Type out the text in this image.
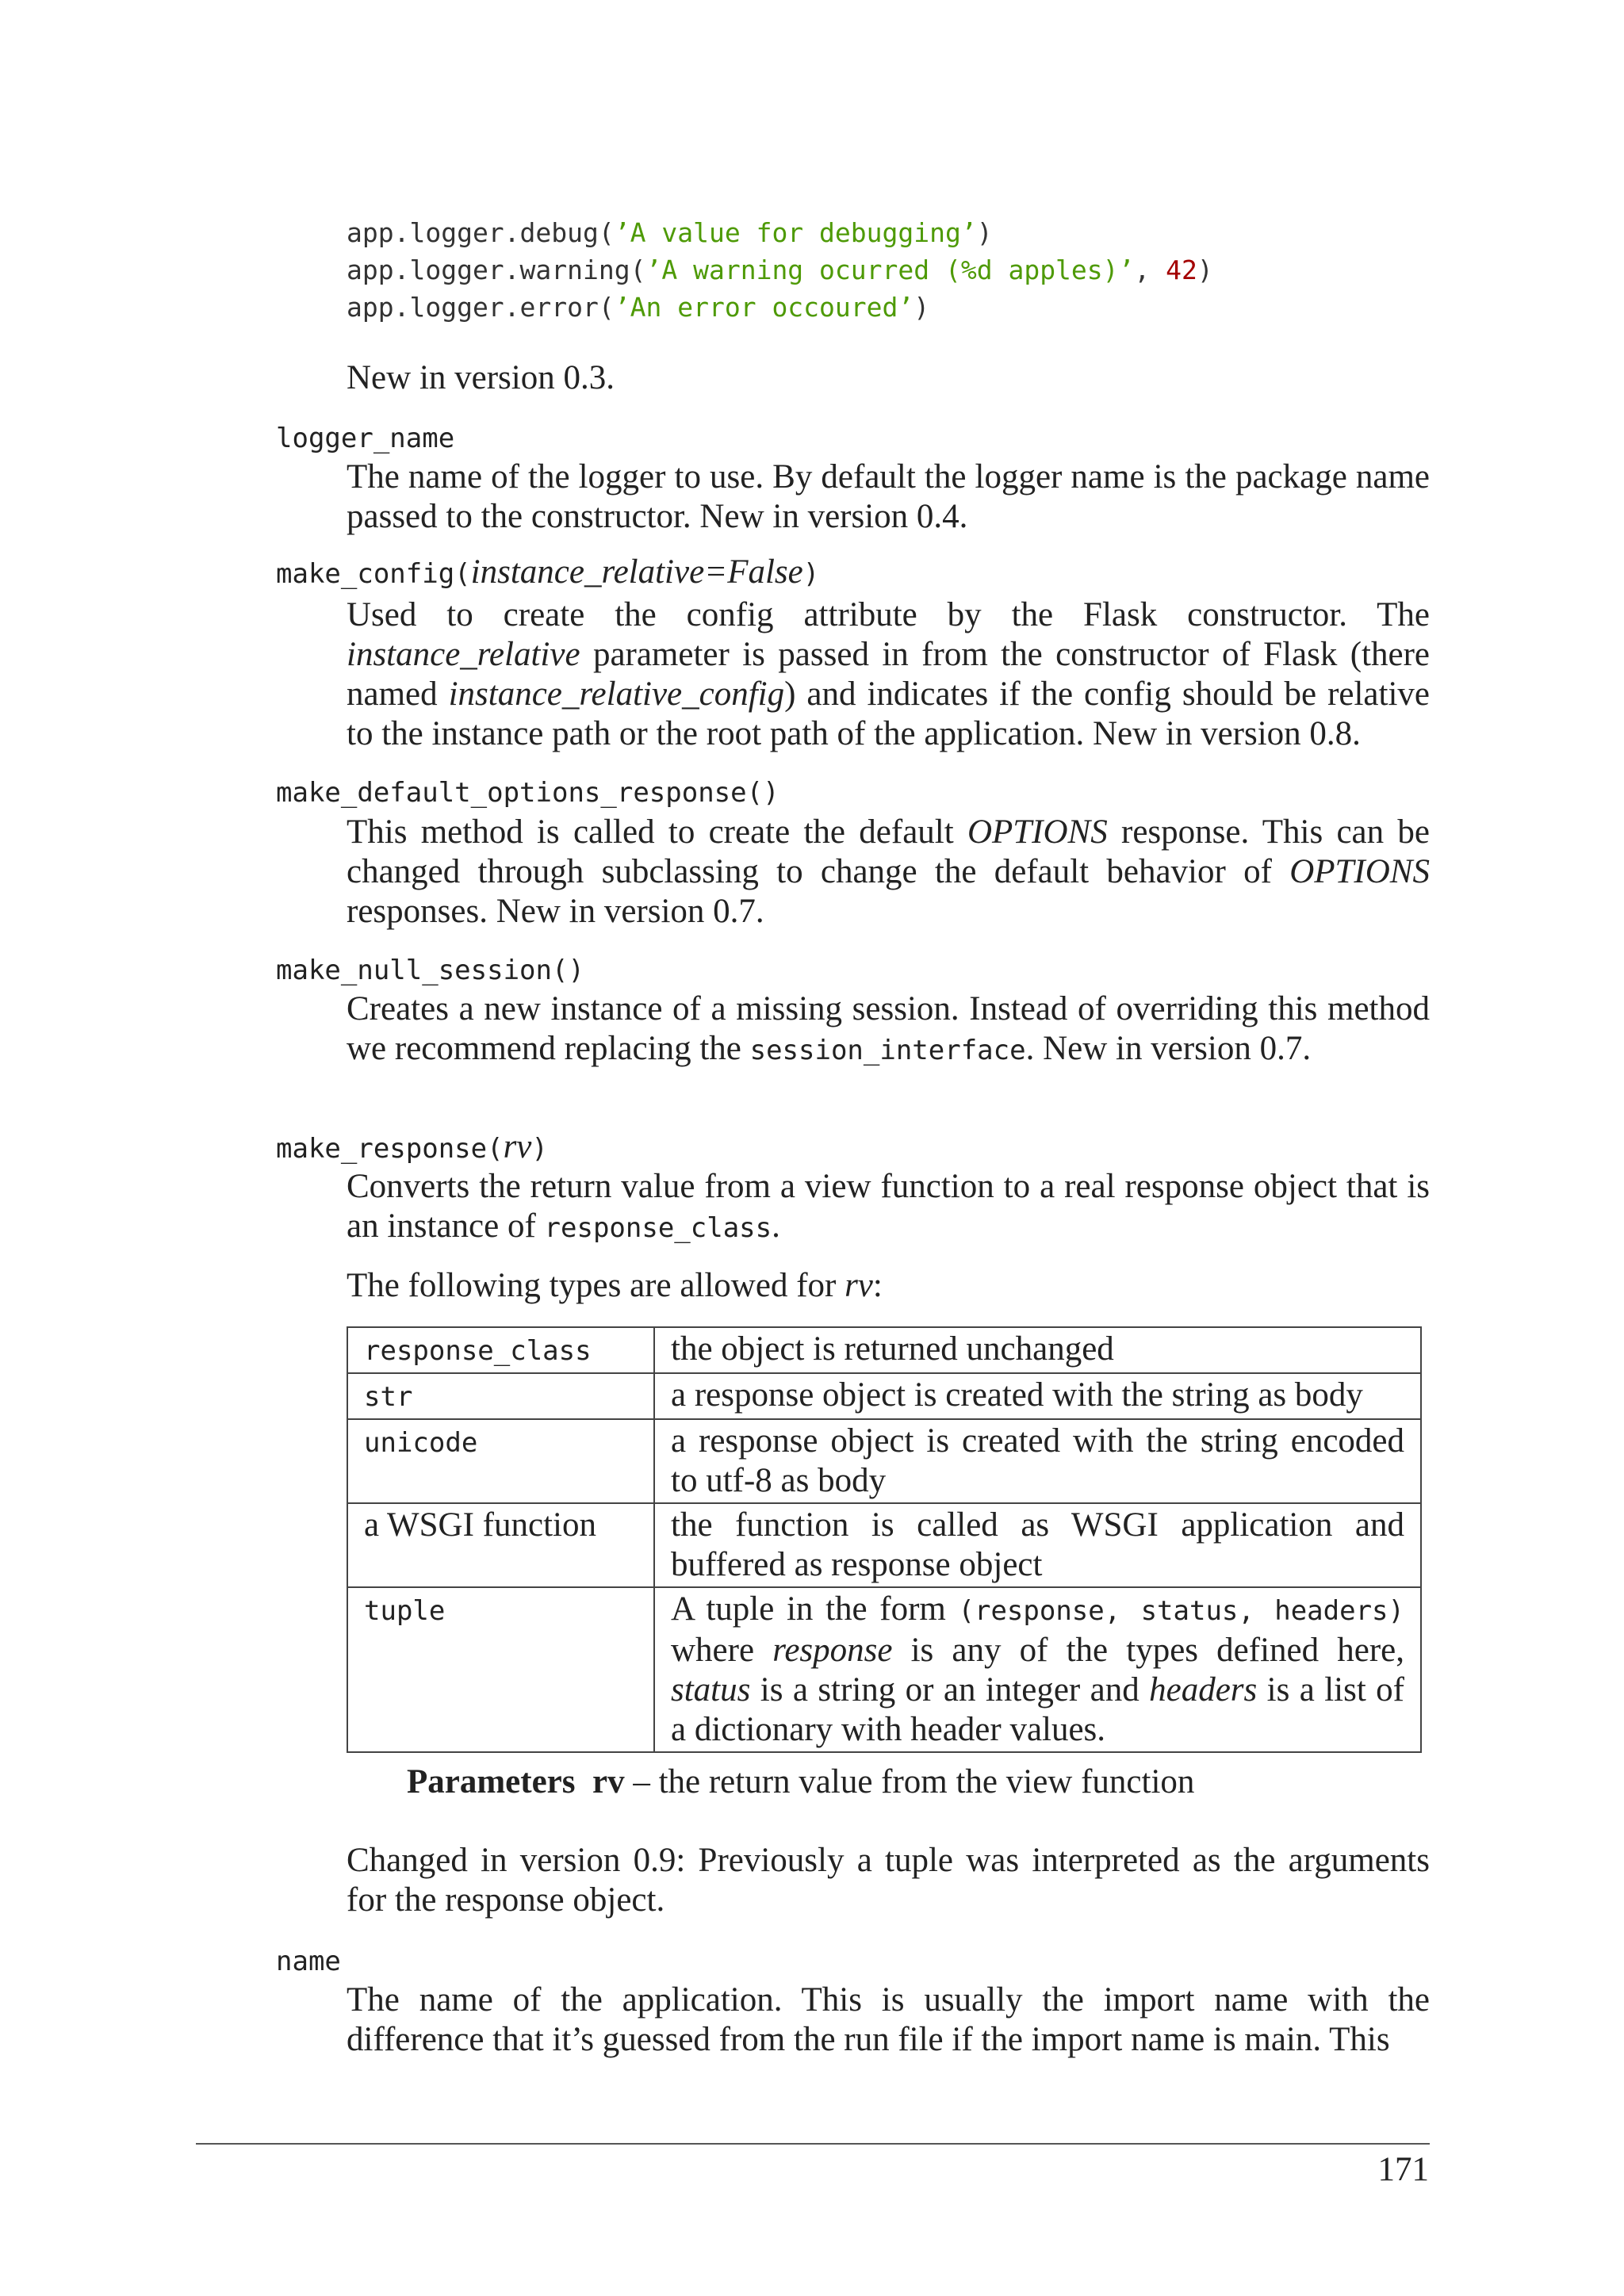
app.logger.debug(’A value for debugging’)
app.logger.warning(’A warning ocurred (%d apples)’, 42)
app.logger.error(’An error occoured’)
New in version 0.3.
logger_name
The name of the logger to use. By default the logger name is the package name passed to the constructor. New in version 0.4.
make_config(instance_relative=False)
Used to create the config attribute by the Flask constructor. The instance_relative parameter is passed in from the constructor of Flask (there named instance_relative_config) and indicates if the config should be relative to the instance path or the root path of the application. New in version 0.8.
make_default_options_response()
This method is called to create the default OPTIONS response. This can be changed through subclassing to change the default behavior of OPTIONS responses. New in version 0.7.
make_null_session()
Creates a new instance of a missing session. Instead of overriding this method we recommend replacing the session_interface. New in version 0.7.
make_response(rv)
Converts the return value from a view function to a real response object that is an instance of response_class.
The following types are allowed for rv:
response_class	the object is returned unchanged
str	a response object is created with the string as body
unicode	a response object is created with the string encoded to utf-8 as body
a WSGI function	the function is called as WSGI application and buffered as response object
tuple	A tuple in the form (response, status, headers) where response is any of the types defined here, status is a string or an integer and headers is a list of a dictionary with header values.
Parameters rv – the return value from the view function
Changed in version 0.9: Previously a tuple was interpreted as the arguments for the response object.
name
The name of the application. This is usually the import name with the difference that it’s guessed from the run file if the import name is main. This
171
